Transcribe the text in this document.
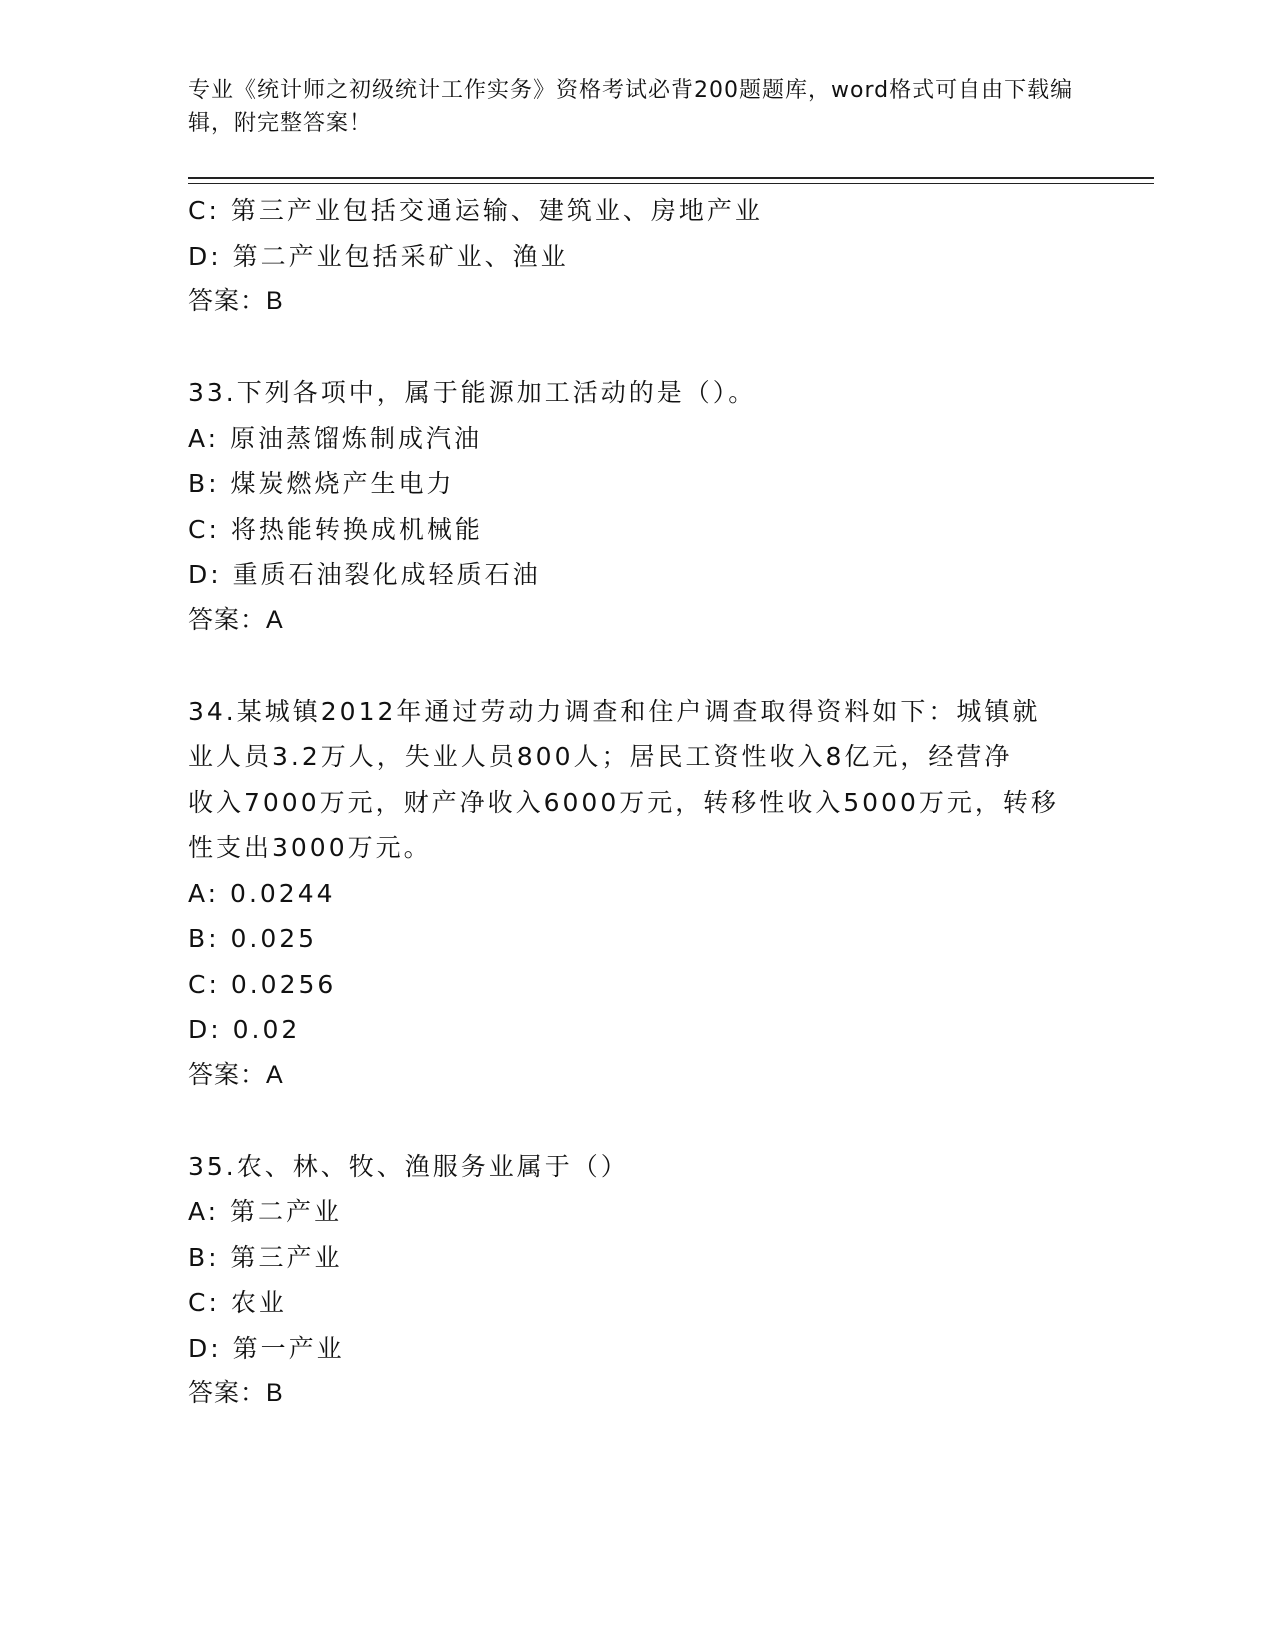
专业《统计师之初级统计工作实务》资格考试必背200题题库，word格式可自由下载编辑，附完整答案！
C: 第三产业包括交通运输、建筑业、房地产业
D: 第二产业包括采矿业、渔业
答案：B
33.下列各项中，属于能源加工活动的是（）。
A: 原油蒸馏炼制成汽油
B: 煤炭燃烧产生电力
C: 将热能转换成机械能
D: 重质石油裂化成轻质石油
答案：A
34.某城镇2012年通过劳动力调查和住户调查取得资料如下：城镇就
业人员3.2万人，失业人员800人；居民工资性收入8亿元，经营净
收入7000万元，财产净收入6000万元，转移性收入5000万元，转移
性支出3000万元。
A: 0.0244
B: 0.025
C: 0.0256
D: 0.02
答案：A
35.农、林、牧、渔服务业属于（）
A: 第二产业
B: 第三产业
C: 农业
D: 第一产业
答案：B
